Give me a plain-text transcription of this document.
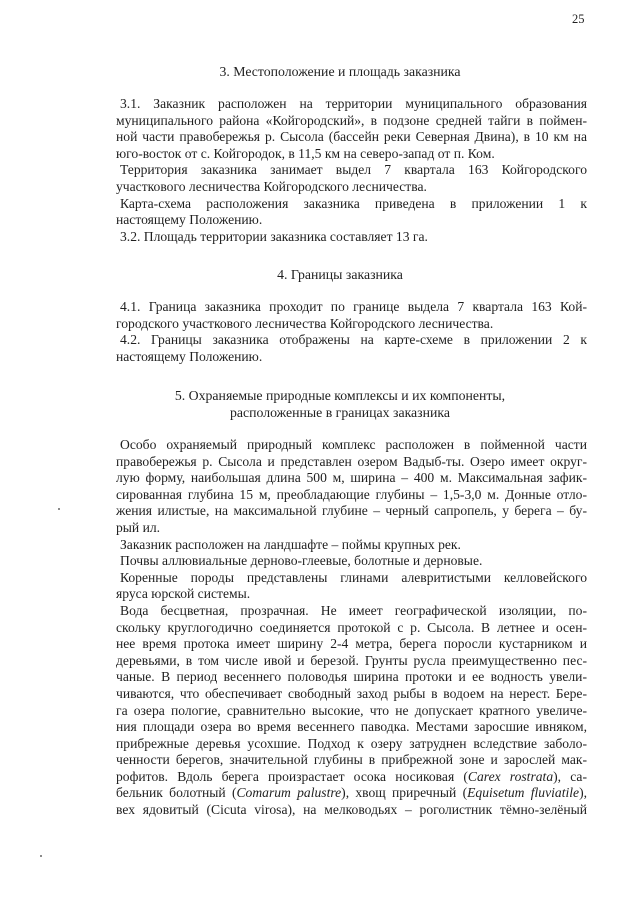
25
3. Местоположение и площадь заказника

3.1. Заказник расположен на территории муниципального образования
муниципального района «Койгородский», в подзоне средней тайги в поймен-
ной части правобережья р. Сысола (бассейн реки Северная Двина), в 10 км на
юго-восток от с. Койгородок, в 11,5 км на северо-запад от п. Ком.

Территория заказника занимает выдел 7 квартала 163 Койгородского
участкового лесничества Койгородского лесничества.

Карта-схема расположения заказника приведена в приложении 1 к
настоящему Положению.

3.2. Площадь территории заказника составляет 13 га.

4. Границы заказника

4.1. Граница заказника проходит по границе выдела 7 квартала 163 Кой-
городского участкового лесничества Койгородского лесничества.

4.2. Границы заказника отображены на карте-схеме в приложении 2 к
настоящему Положению.

5. Охраняемые природные комплексы и их компоненты,
расположенные в границах заказника

Особо охраняемый природный комплекс расположен в пойменной части
правобережья р. Сысола и представлен озером Вадыб-ты. Озеро имеет округ-
лую форму, наибольшая длина 500 м, ширина – 400 м. Максимальная зафик-
сированная глубина 15 м, преобладающие глубины – 1,5-3,0 м. Донные отло-
жения илистые, на максимальной глубине – черный сапропель, у берега – бу-
рый ил.

Заказник расположен на ландшафте – поймы крупных рек.

Почвы аллювиальные дерново-глеевые, болотные и дерновые.

Коренные породы представлены глинами алевритистыми келловейского
яруса юрской системы.

Вода бесцветная, прозрачная. Не имеет географической изоляции, по-
скольку круглогодично соединяется протокой с р. Сысола. В летнее и осен-
нее время протока имеет ширину 2-4 метра, берега поросли кустарником и
деревьями, в том числе ивой и березой. Грунты русла преимущественно пес-
чаные. В период весеннего половодья ширина протоки и ее водность увели-
чиваются, что обеспечивает свободный заход рыбы в водоем на нерест. Бере-
га озера пологие, сравнительно высокие, что не допускает кратного увеличе-
ния площади озера во время весеннего паводка. Местами заросшие ивняком,
прибрежные деревья усохшие. Подход к озеру затруднен вследствие заболо-
ченности берегов, значительной глубины в прибрежной зоне и зарослей мак-
рофитов. Вдоль берега произрастает осока носиковая (Carex rostrata), са-
бельник болотный (Comarum palustre), хвощ приречный (Equisetum fluviatile),
вех ядовитый (Cicuta virosa), на мелководьях – роголистник тёмно-зелёный
